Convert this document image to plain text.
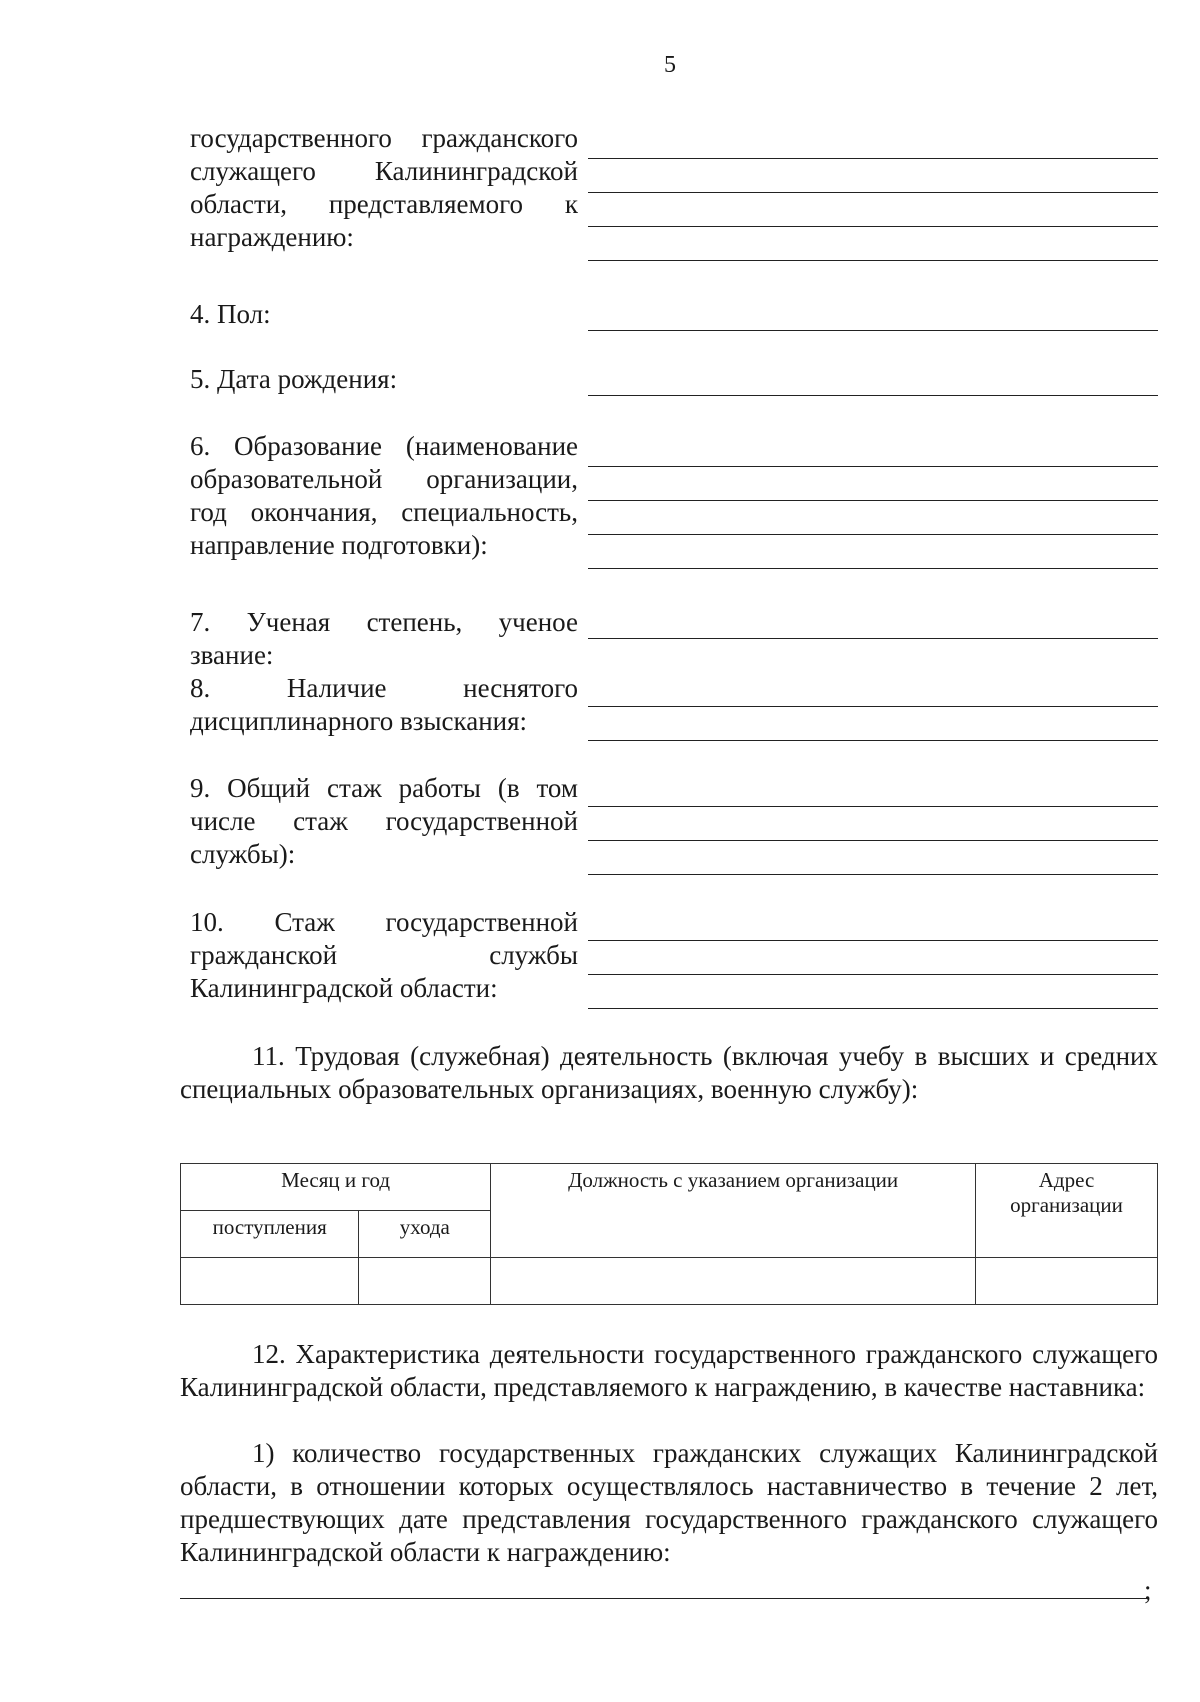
5
государственного гражданского служащего Калининградской области, представляемого к награждению:
4. Пол:
5. Дата рождения:
6. Образование (наименование образовательной организации, год окончания, специальность, направление подготовки):
7. Ученая степень, ученое звание:
8. Наличие неснятого дисциплинарного взыскания:
9. Общий стаж работы (в том числе стаж государственной службы):
10. Стаж государственной гражданской службы Калининградской области:
11. Трудовая (служебная) деятельность (включая учебу в высших и средних специальных образовательных организациях, военную службу):
Месяц и год		Должность с указанием организации	Адрес организации
поступления	ухода		

12. Характеристика деятельности государственного гражданского служащего Калининградской области, представляемого к награждению, в качестве наставника:
1) количество государственных гражданских служащих Калининградской области, в отношении которых осуществлялось наставничество в течение 2 лет, предшествующих дате представления государственного гражданского служащего Калининградской области к награждению:
;
